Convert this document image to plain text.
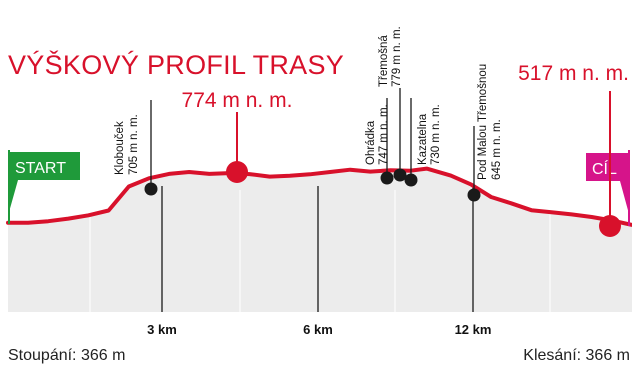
3 km	6 km	12 km
START	CÍL
774 m n. m.
517 m n. m.
Klobouček 705 m n. m.	Ohrádka 747 m n. m.
Třemošná 779 m n. m.
Kazatelna 730 m n. m.	Pod Malou Třemošnou 645 m n. m.
VÝŠKOVÝ PROFIL TRASY
Stoupání: 366 m	Klesání: 366 m
